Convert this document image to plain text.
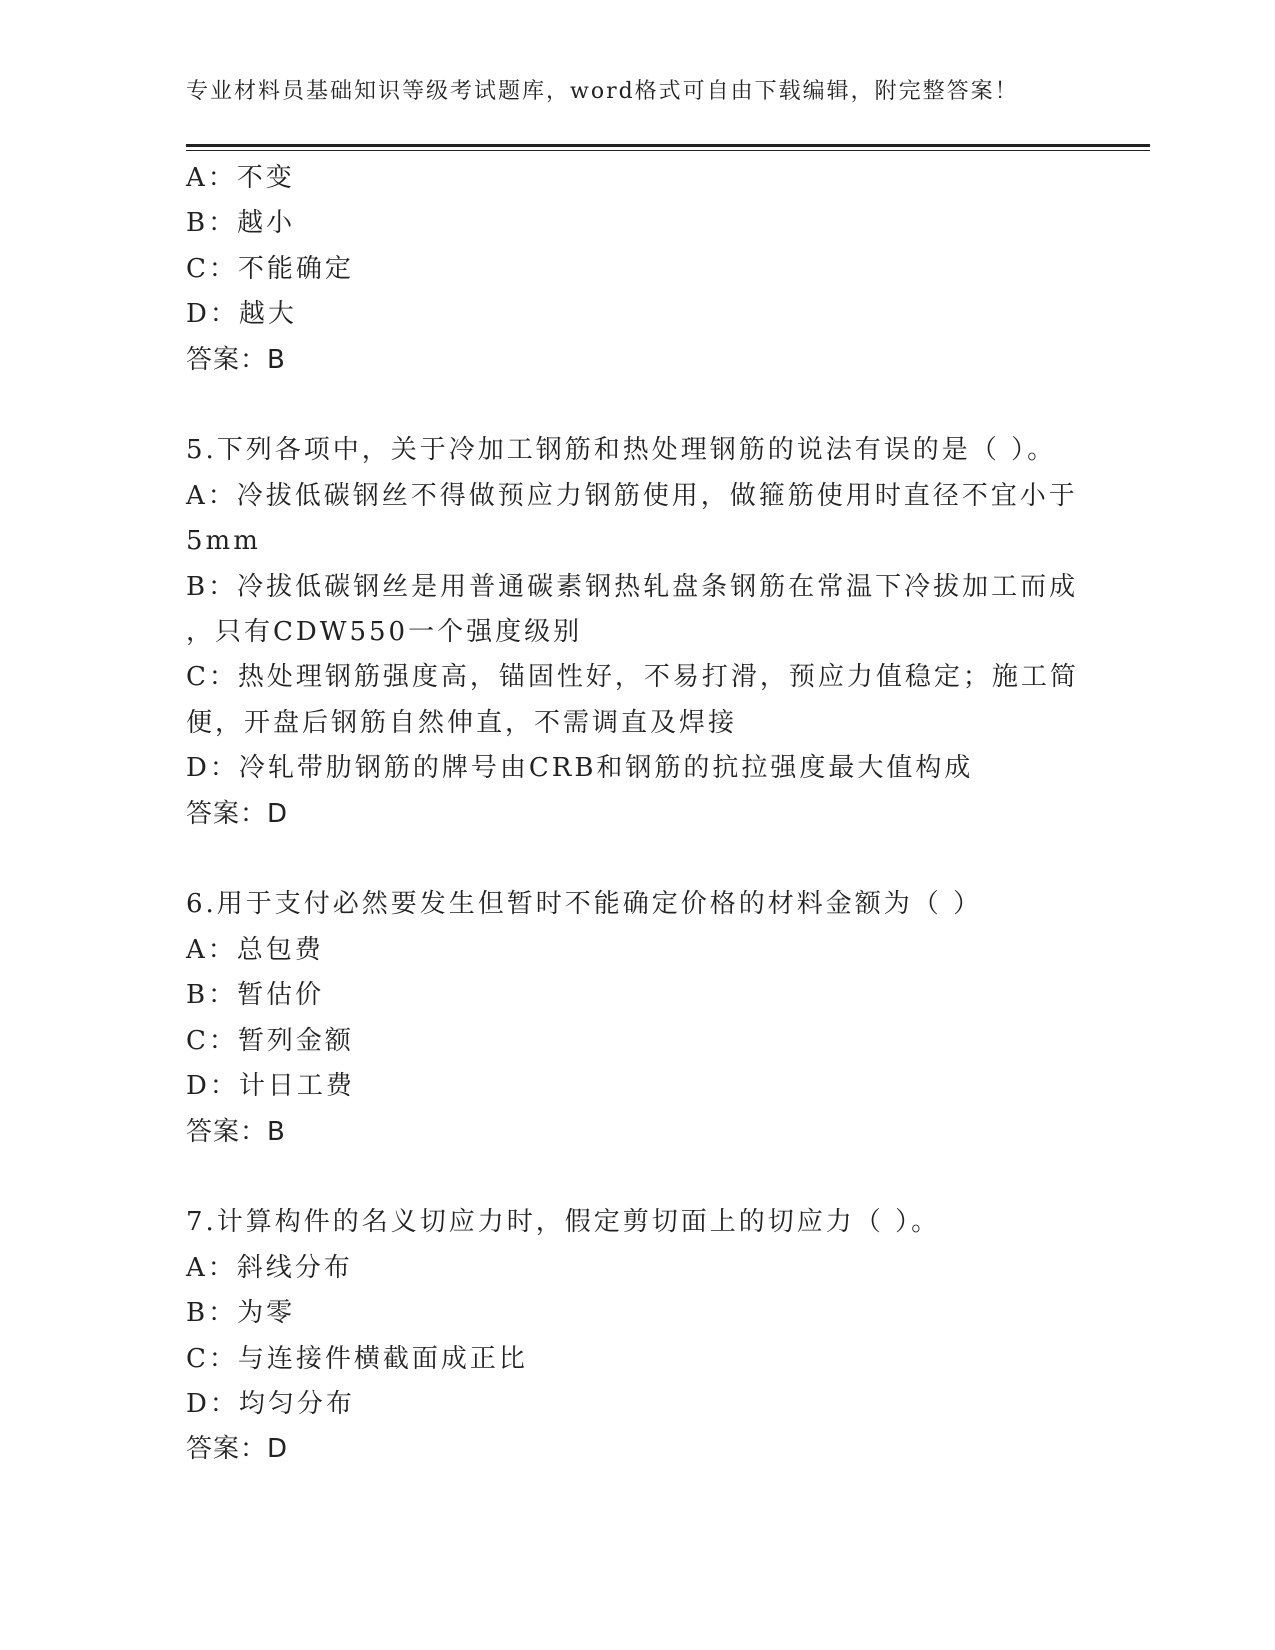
专业材料员基础知识等级考试题库，word格式可自由下载编辑，附完整答案！
A：不变
B：越小
C：不能确定
D：越大
答案：B
5.下列各项中，关于冷加工钢筋和热处理钢筋的说法有误的是（ ）。
A：冷拔低碳钢丝不得做预应力钢筋使用，做箍筋使用时直径不宜小于
5mm
B：冷拔低碳钢丝是用普通碳素钢热轧盘条钢筋在常温下冷拔加工而成
，只有CDW550一个强度级别
C：热处理钢筋强度高，锚固性好，不易打滑，预应力值稳定；施工简
便，开盘后钢筋自然伸直，不需调直及焊接
D：冷轧带肋钢筋的牌号由CRB和钢筋的抗拉强度最大值构成
答案：D
6.用于支付必然要发生但暂时不能确定价格的材料金额为（ ）
A：总包费
B：暂估价
C：暂列金额
D：计日工费
答案：B
7.计算构件的名义切应力时，假定剪切面上的切应力（ ）。
A：斜线分布
B：为零
C：与连接件横截面成正比
D：均匀分布
答案：D
